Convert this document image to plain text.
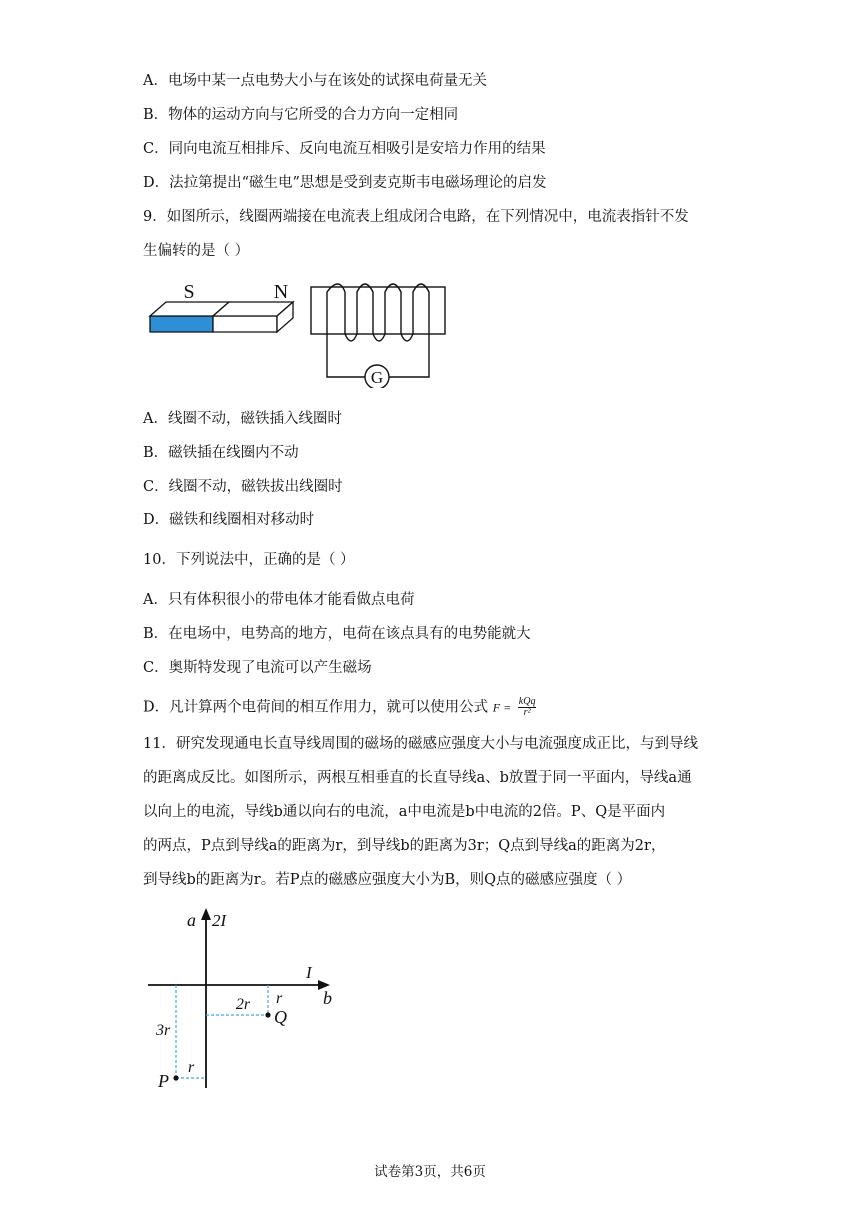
A．电场中某一点电势大小与在该处的试探电荷量无关
B．物体的运动方向与它所受的合力方向一定相同
C．同向电流互相排斥、反向电流互相吸引是安培力作用的结果
D．法拉第提出“磁生电”思想是受到麦克斯韦电磁场理论的启发
9．如图所示，线圈两端接在电流表上组成闭合电路，在下列情况中，电流表指针不发
生偏转的是（ ）
S	N
G
A．线圈不动，磁铁插入线圈时
B．磁铁插在线圈内不动
C．线圈不动，磁铁拔出线圈时
D．磁铁和线圈相对移动时
10．下列说法中，正确的是（ ）
A．只有体积很小的带电体才能看做点电荷
B．在电场中，电势高的地方，电荷在该点具有的电势能就大
C．奥斯特发现了电流可以产生磁场
D．凡计算两个电荷间的相互作用力，就可以使用公式 $F = \frac{\text{kQq}}{\text{r²}}$
11．研究发现通电长直导线周围的磁场的磁感应强度大小与电流强度成正比，与到导线
的距离成反比。如图所示，两根互相垂直的长直导线a、b放置于同一平面内，导线a通
以向上的电流，导线b通以向右的电流，a中电流是b中电流的2倍。P、Q是平面内
的两点，P点到导线a的距离为r，到导线b的距离为3r；Q点到导线a的距离为2r，
到导线b的距离为r。若P点的磁感应强度大小为B，则Q点的磁感应强度（ ）
a 2I
I
b
2r r
Q
3r
r
P
试卷第3页，共6页
